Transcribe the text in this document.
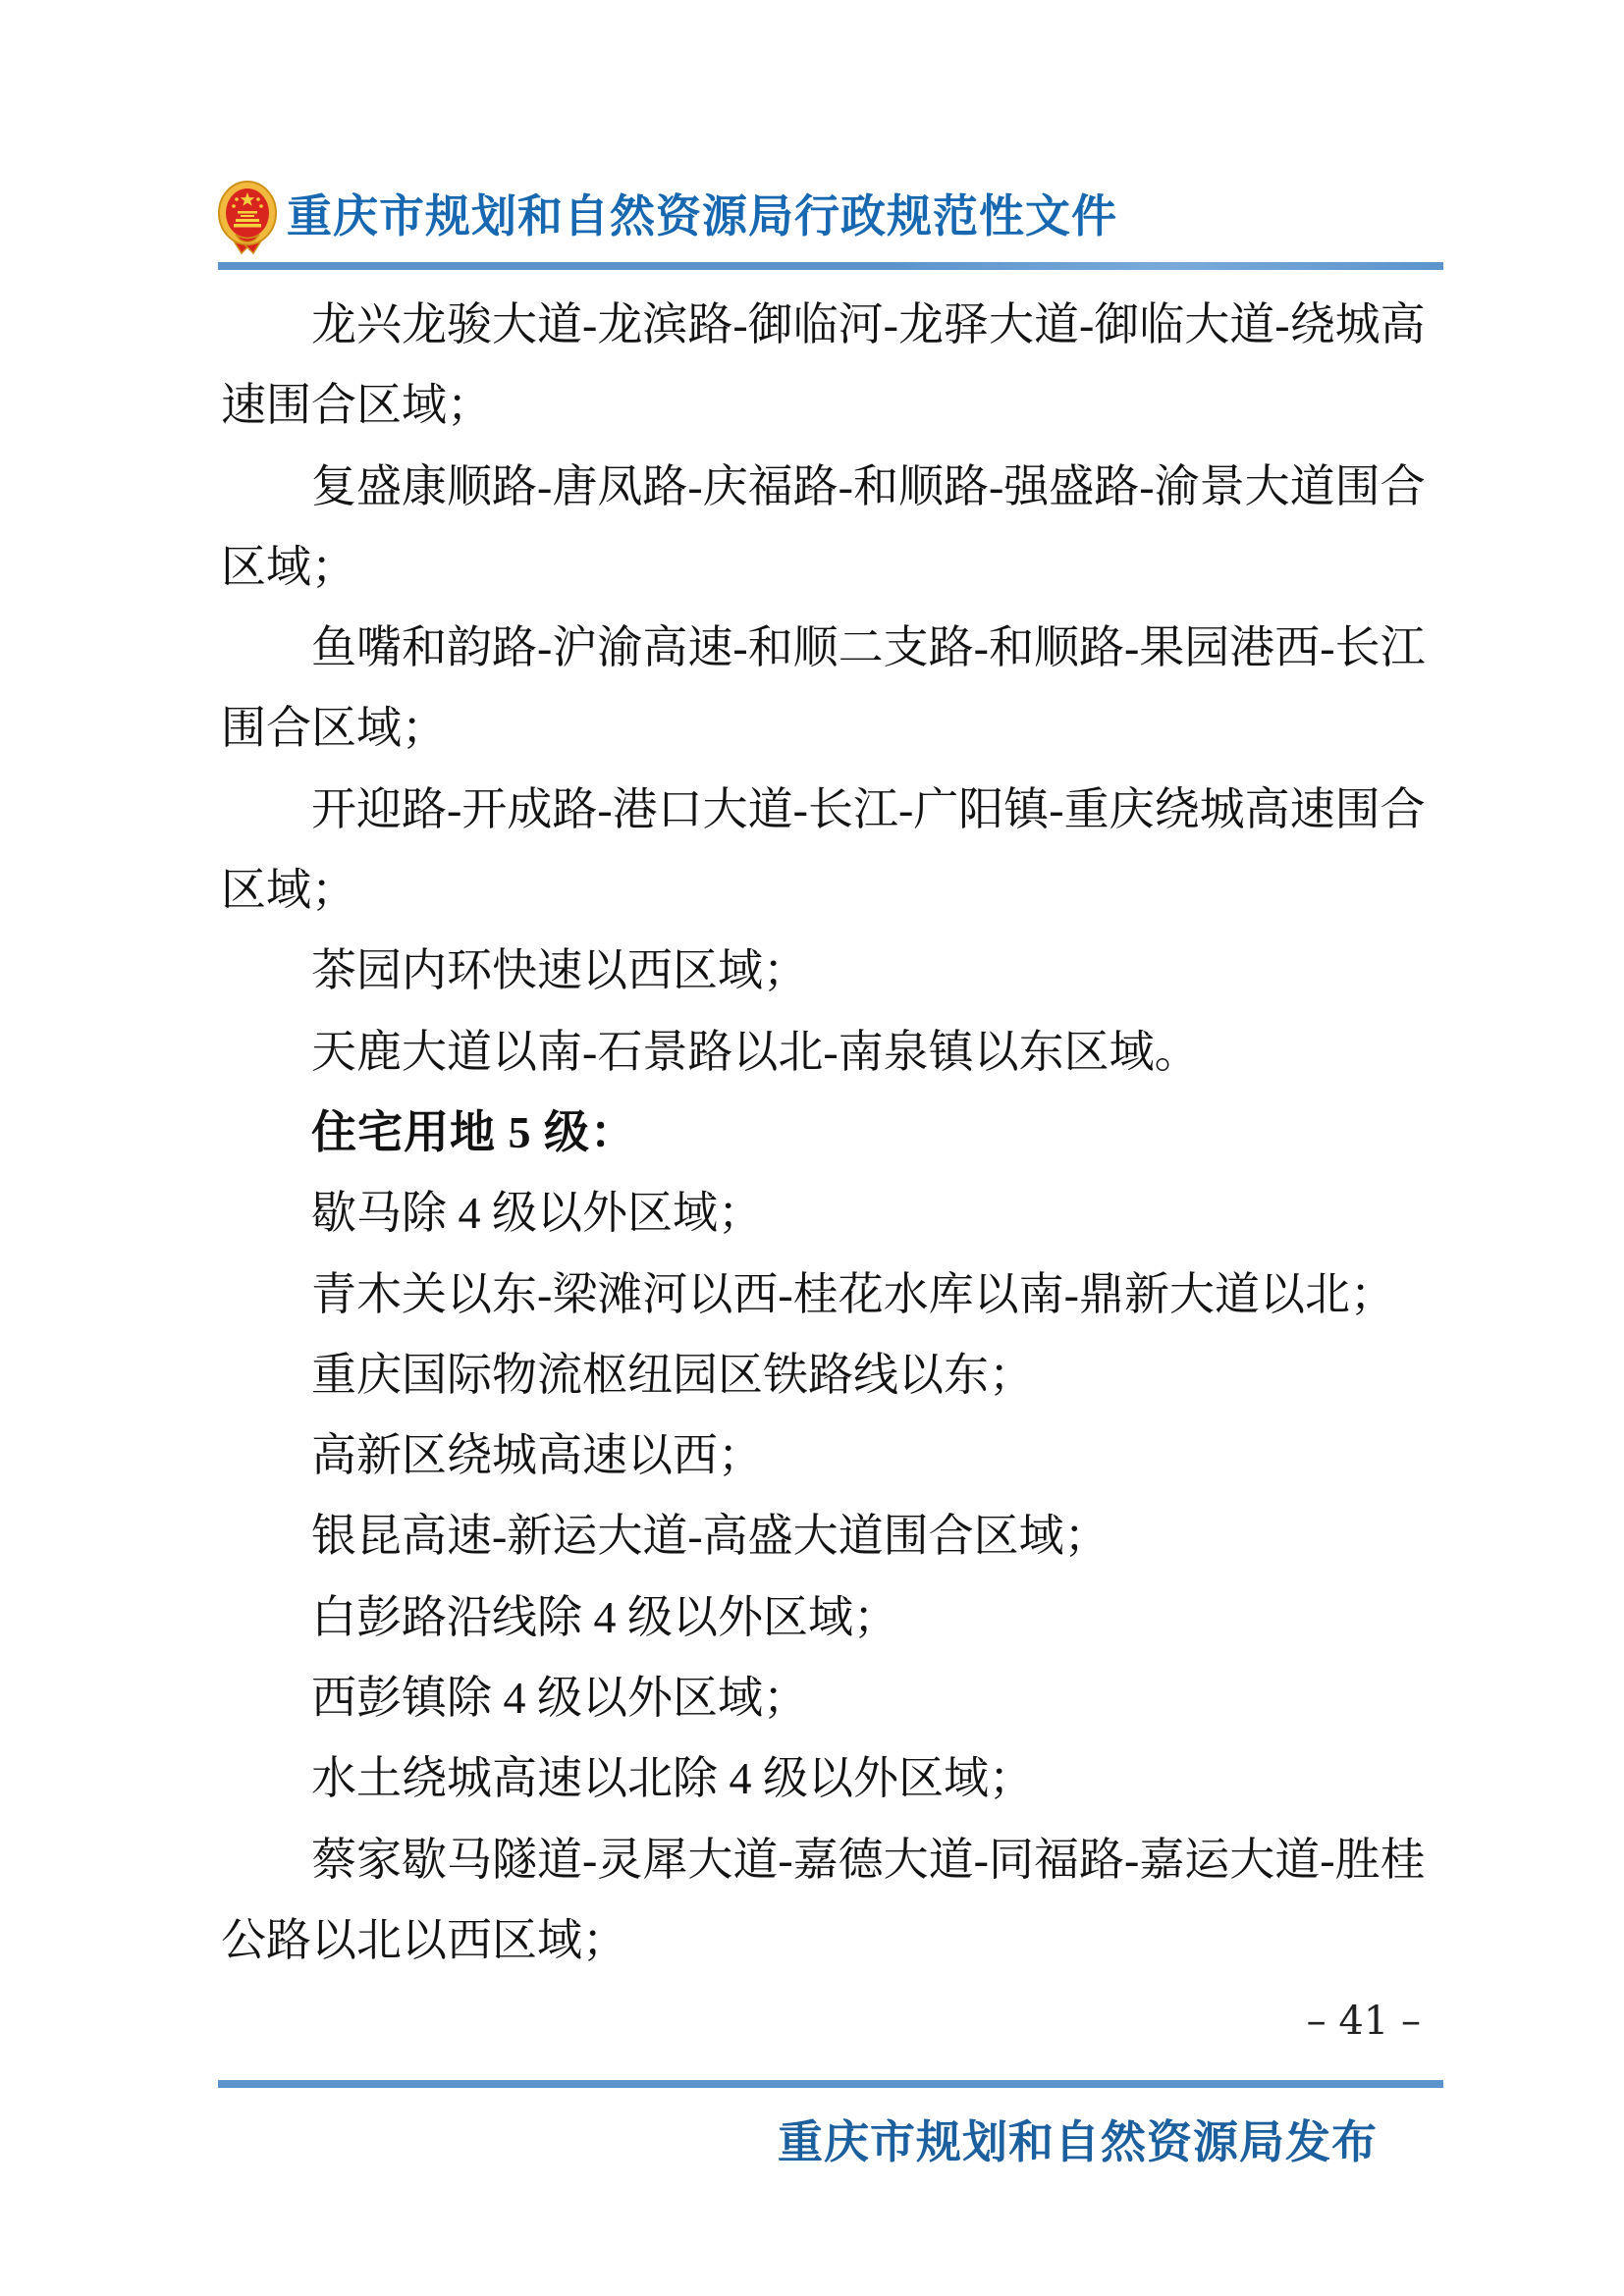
重庆市规划和自然资源局行政规范性文件
龙兴龙骏大道-龙滨路-御临河-龙驿大道-御临大道-绕城高
速围合区域；
复盛康顺路-唐凤路-庆福路-和顺路-强盛路-渝景大道围合
区域；
鱼嘴和韵路-沪渝高速-和顺二支路-和顺路-果园港西-长江
围合区域；
开迎路-开成路-港口大道-长江-广阳镇-重庆绕城高速围合
区域；
茶园内环快速以西区域；
天鹿大道以南-石景路以北-南泉镇以东区域。
住宅用地 5 级：
歇马除 4 级以外区域；
青木关以东-梁滩河以西-桂花水库以南-鼎新大道以北；
重庆国际物流枢纽园区铁路线以东；
高新区绕城高速以西；
银昆高速-新运大道-高盛大道围合区域；
白彭路沿线除 4 级以外区域；
西彭镇除 4 级以外区域；
水土绕城高速以北除 4 级以外区域；
蔡家歇马隧道-灵犀大道-嘉德大道-同福路-嘉运大道-胜桂
公路以北以西区域；
– 41 –
重庆市规划和自然资源局发布
